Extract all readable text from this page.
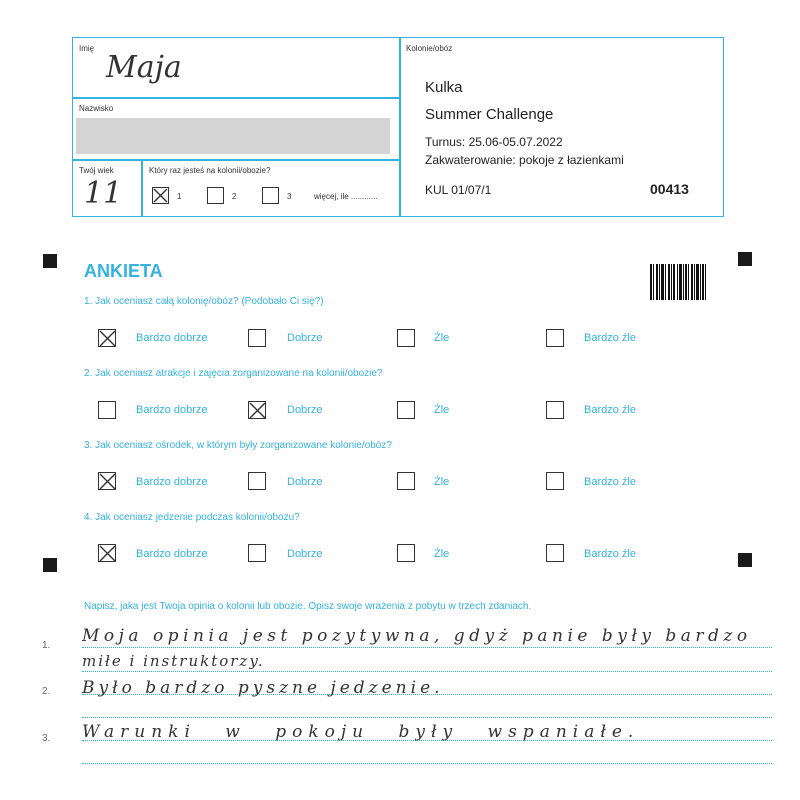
Imię
Maja
Nazwisko
Twój wiek
11
Który raz jesteś na kolonii/obozie?
1	2	3	więcej, ile ............
Kolonie/obóz
Kulka
Summer Challenge
Turnus: 25.06-05.07.2022
Zakwaterowanie: pokoje z łazienkami
KUL 01/07/1	00413
ANKIETA
1. Jak oceniasz całą kolonię/obóz? (Podobało Ci się?)
Bardzo dobrze	Dobrze	Źle	Bardzo źle
2. Jak oceniasz atrakcje i zajęcia zorganizowane na kolonii/obozie?
Bardzo dobrze	Dobrze	Źle	Bardzo źle
3. Jak oceniasz ośrodek, w którym były zorganizowane kolonie/obóz?
Bardzo dobrze	Dobrze	Źle	Bardzo źle
4. Jak oceniasz jedzenie podczas kolonii/obozu?
Bardzo dobrze	Dobrze	Źle	Bardzo źle
Napisz, jaka jest Twoja opinia o kolonii lub obozie. Opisz swoje wrażenia z pobytu w trzech zdaniach.
1.
2.
3.
Moja opinia jest pozytywna, gdyż panie były bardzo
miłe i instruktorzy.
Było bardzo pyszne jedzenie.
Warunki w pokoju były wspaniałe.
